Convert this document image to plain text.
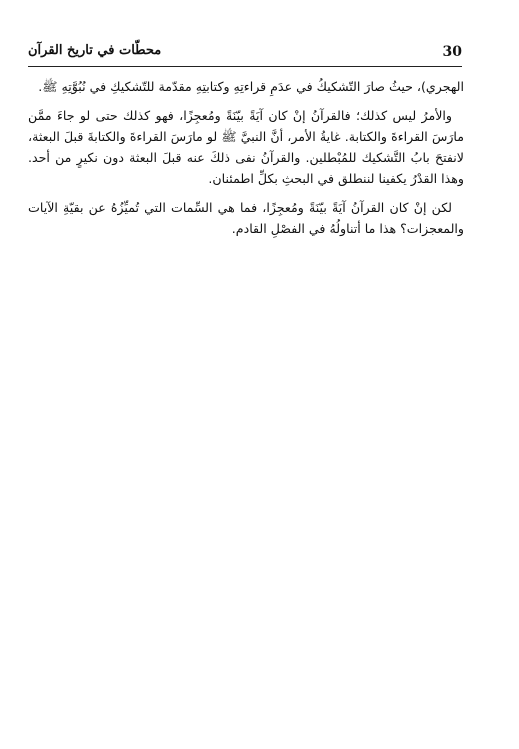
30
محطّات في تاريخ القرآن

الهجري)، حيثُ صارَ التّشكيكُ في عدَمِ قراءتِهِ وكتابتِهِ مقدّمة للتّشكيكِ في نُبُوَّتِهِ ﷺ.

والأمرُ ليس كذلك؛ فالقرآنُ إنْ كان آيَةً بيّنَةً ومُعجِزًا، فهو كذلك حتى لو جاءَ ممَّن مارَسَ القراءةَ والكتابة. غايةُ الأمر، أنَّ النبيَّ ﷺ لو مارَسَ القراءةَ والكتابةَ قبلَ البعثة، لانفتحَ بابُ التَّشكيك للمُبْطلين. والقرآنُ نفى ذلكَ عنه قبلَ البعثة دون نكيرٍ من أحد. وهذا القدْرُ يكفينا لننطلق في البحثِ بكلِّ اطمئنان.

لكن إنْ كان القرآنُ آيَةً بيّنَةً ومُعجِزًا، فما هي السِّمات التي تُميِّزُهُ عن بقيّةِ الآيات والمعجزات؟ هذا ما أتناولُهُ في الفصْلِ القادم.
